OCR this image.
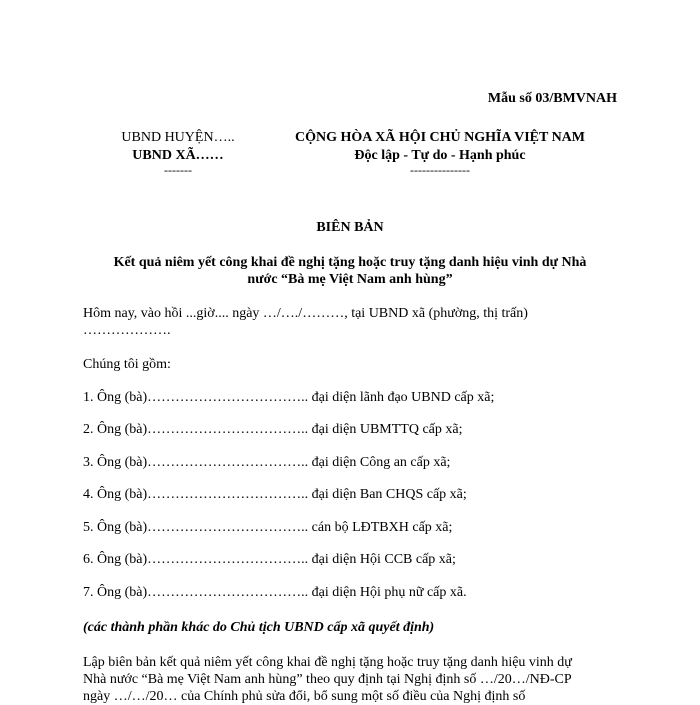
Mẫu số 03/BMVNAH
UBND HUYỆN…..
UBND XÃ……
-------
CỘNG HÒA XÃ HỘI CHỦ NGHĨA VIỆT NAM
Độc lập - Tự do - Hạnh phúc
---------------
BIÊN BẢN
Kết quả niêm yết công khai đề nghị tặng hoặc truy tặng danh hiệu vinh dự Nhà
nước “Bà mẹ Việt Nam anh hùng”
Hôm nay, vào hồi ...giờ.... ngày …/…./………, tại UBND xã (phường, thị trấn)
……………….
Chúng tôi gồm:
1. Ông (bà)…………………………….. đại diện lãnh đạo UBND cấp xã;
2. Ông (bà)…………………………….. đại diện UBMTTQ cấp xã;
3. Ông (bà)…………………………….. đại diện Công an cấp xã;
4. Ông (bà)…………………………….. đại diện Ban CHQS cấp xã;
5. Ông (bà)…………………………….. cán bộ LĐTBXH cấp xã;
6. Ông (bà)…………………………….. đại diện Hội CCB cấp xã;
7. Ông (bà)…………………………….. đại diện Hội phụ nữ cấp xã.
(các thành phần khác do Chủ tịch UBND cấp xã quyết định)
Lập biên bản kết quả niêm yết công khai đề nghị tặng hoặc truy tặng danh hiệu vinh dự
Nhà nước “Bà mẹ Việt Nam anh hùng” theo quy định tại Nghị định số …/20…/NĐ-CP
ngày …/…/20… của Chính phủ sửa đổi, bổ sung một số điều của Nghị định số
